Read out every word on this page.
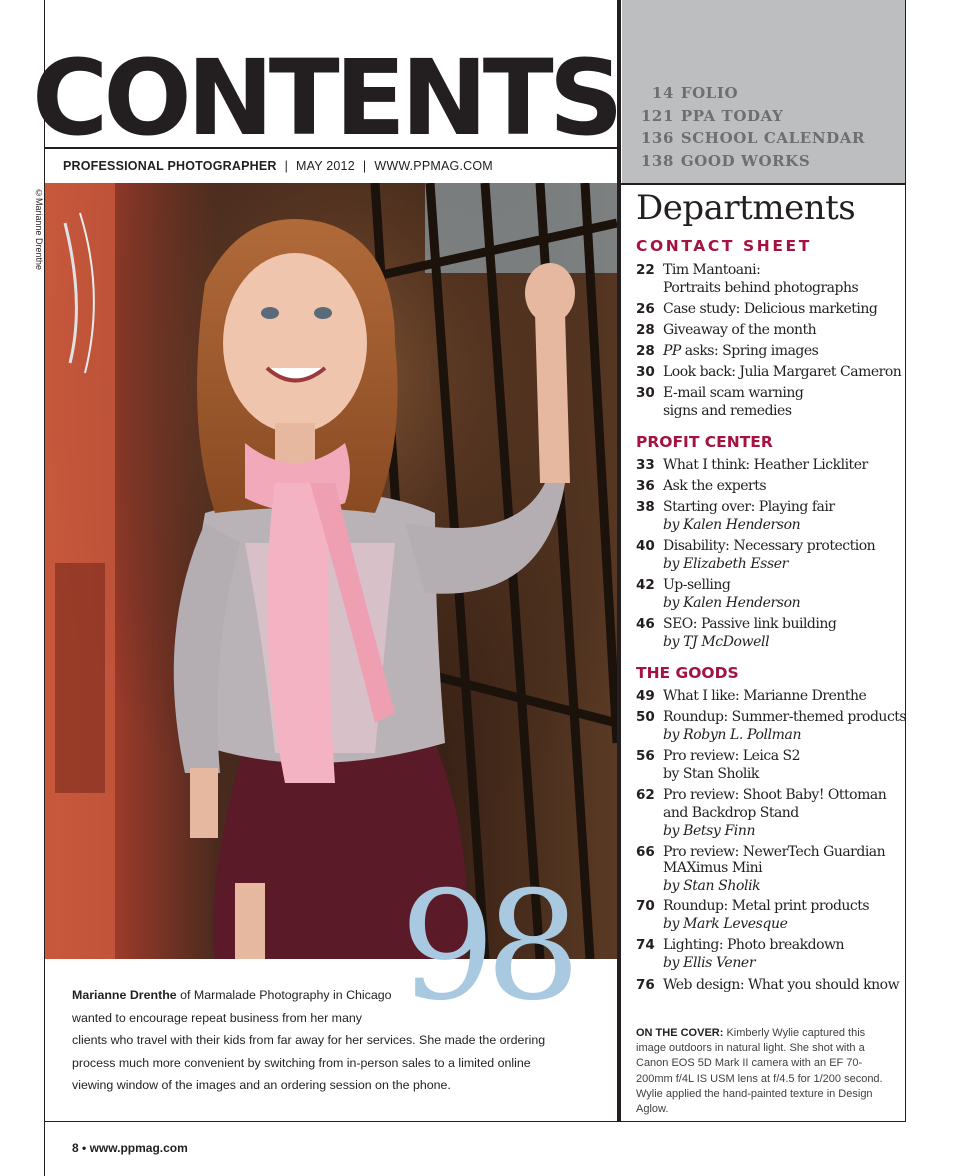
CONTENTS
PROFESSIONAL PHOTOGRAPHER | MAY 2012 | WWW.PPMAG.COM
14 FOLIO
121 PPA TODAY
136 SCHOOL CALENDAR
138 GOOD WORKS
©Marianne Drenthe
98

Marianne Drenthe of Marmalade Photography in Chicago

wanted to encourage repeat business from her many

clients who travel with their kids from far away for her services. She made the ordering

process much more convenient by switching from in-person sales to a limited online

viewing window of the images and an ordering session on the phone.

8 • www.ppmag.com
Departments
CONTACT SHEET
22 Tim Mantoani:
Portraits behind photographs
26 Case study: Delicious marketing
28 Giveaway of the month
28 PP asks: Spring images
30 Look back: Julia Margaret Cameron
30 E-mail scam warning
signs and remedies
PROFIT CENTER
33 What I think: Heather Lickliter
36 Ask the experts
38 Starting over: Playing fair
by Kalen Henderson
40 Disability: Necessary protection
by Elizabeth Esser
42 Up-selling
by Kalen Henderson
46 SEO: Passive link building
by TJ McDowell
THE GOODS
49 What I like: Marianne Drenthe
50 Roundup: Summer-themed products
by Robyn L. Pollman
56 Pro review: Leica S2
by Stan Sholik
62 Pro review: Shoot Baby! Ottoman
and Backdrop Stand
by Betsy Finn
66 Pro review: NewerTech Guardian
MAXimus Mini
by Stan Sholik
70 Roundup: Metal print products
by Mark Levesque
74 Lighting: Photo breakdown
by Ellis Vener
76 Web design: What you should know
ON THE COVER: Kimberly Wylie captured this image outdoors in natural light. She shot with a Canon EOS 5D Mark II camera with an EF 70-200mm f/4L IS USM lens at f/4.5 for 1/200 second. Wylie applied the hand-painted texture in Design Aglow.
